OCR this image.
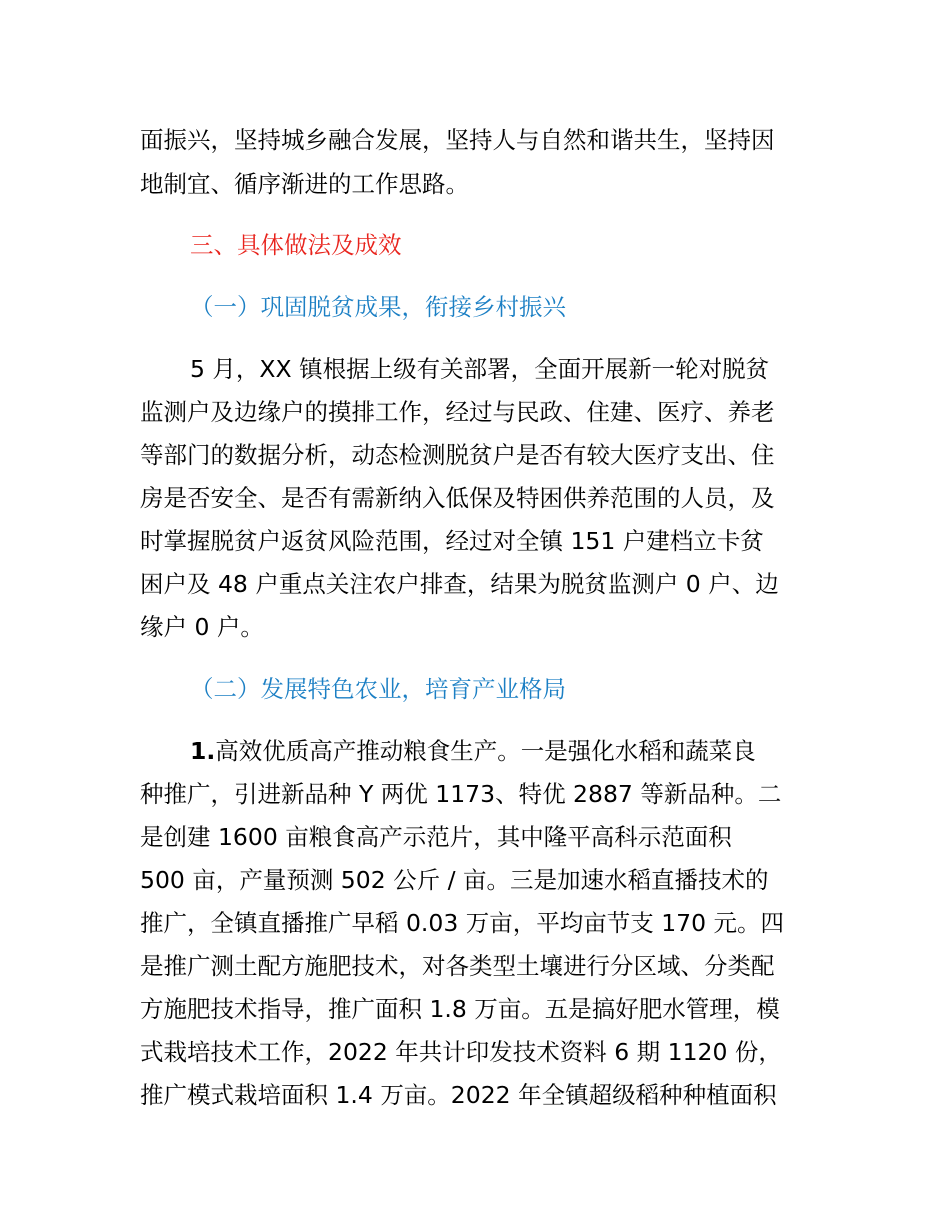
面振兴，坚持城乡融合发展，坚持人与自然和谐共生，坚持因
地制宜、循序渐进的工作思路。
三、具体做法及成效
（一）巩固脱贫成果，衔接乡村振兴
5 月，XX 镇根据上级有关部署，全面开展新一轮对脱贫
监测户及边缘户的摸排工作，经过与民政、住建、医疗、养老
等部门的数据分析，动态检测脱贫户是否有较大医疗支出、住
房是否安全、是否有需新纳入低保及特困供养范围的人员，及
时掌握脱贫户返贫风险范围，经过对全镇 151 户建档立卡贫
困户及 48 户重点关注农户排查，结果为脱贫监测户 0 户、边
缘户 0 户。
（二）发展特色农业，培育产业格局
1.高效优质高产推动粮食生产。一是强化水稻和蔬菜良
种推广，引进新品种 Y 两优 1173、特优 2887 等新品种。二
是创建 1600 亩粮食高产示范片，其中隆平高科示范面积
500 亩，产量预测 502 公斤 / 亩。三是加速水稻直播技术的
推广，全镇直播推广早稻 0.03 万亩，平均亩节支 170 元。四
是推广测土配方施肥技术，对各类型土壤进行分区域、分类配
方施肥技术指导，推广面积 1.8 万亩。五是搞好肥水管理，模
式栽培技术工作，2022 年共计印发技术资料 6 期 1120 份，
推广模式栽培面积 1.4 万亩。2022 年全镇超级稻种种植面积
